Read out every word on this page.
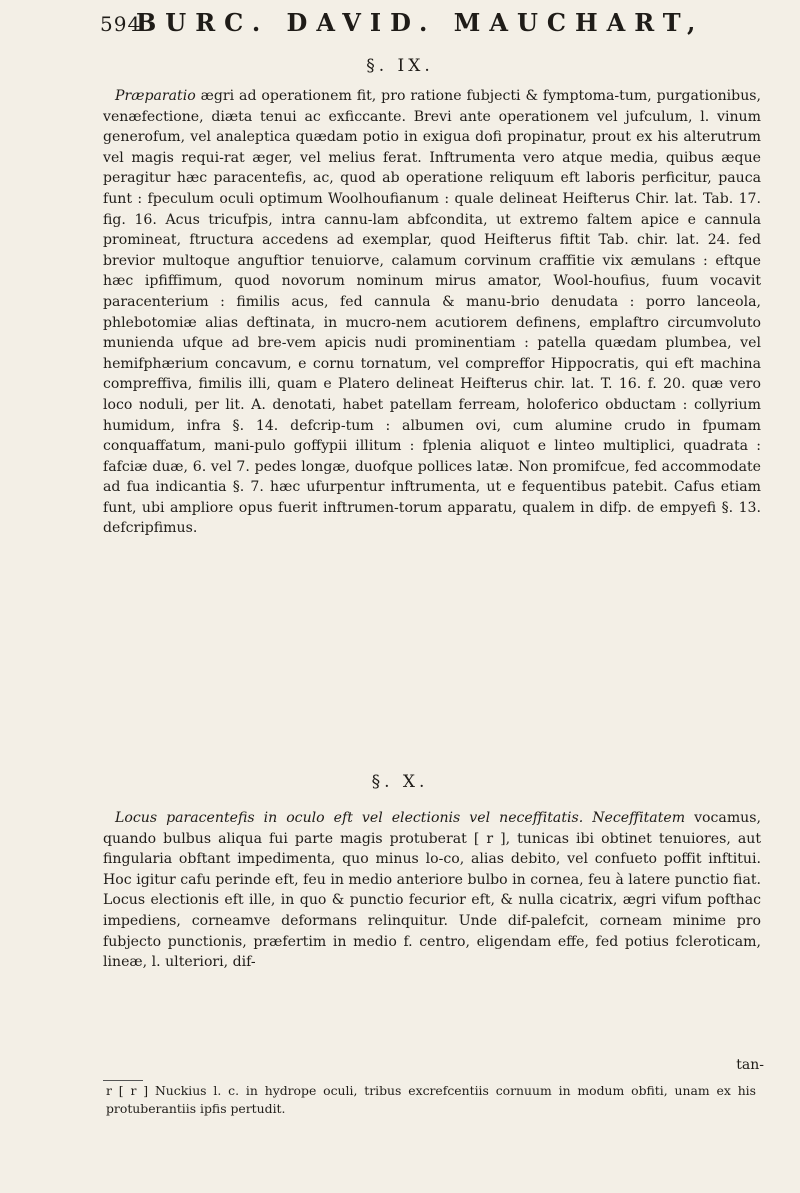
594
BURC. DAVID. MAUCHART,
§. IX.

Præparatio ægri ad operationem fit, pro ratione fubjecti & fymptoma-tum, purgationibus, venæfectione, diæta tenui ac exficcante. Brevi ante operationem vel jufculum, l. vinum generofum, vel analeptica quædam potio in exigua dofi propinatur, prout ex his alterutrum vel magis requi-rat æger, vel melius ferat. Inftrumenta vero atque media, quibus æque peragitur hæc paracentefis, ac, quod ab operatione reliquum eft laboris perficitur, pauca funt : fpeculum oculi optimum Woolhoufianum : quale delineat Heifterus Chir. lat. Tab. 17. fig. 16. Acus tricufpis, intra cannu-lam abfcondita, ut extremo faltem apice e cannula promineat, ftructura accedens ad exemplar, quod Heifterus fiftit Tab. chir. lat. 24. fed brevior multoque anguftior tenuiorve, calamum corvinum craffitie vix æmulans : eftque hæc ipfiffimum, quod novorum nominum mirus amator, Wool-houfius, fuum vocavit paracenterium : fimilis acus, fed cannula & manu-brio denudata : porro lanceola, phlebotomiæ alias deftinata, in mucro-nem acutiorem definens, emplaftro circumvoluto munienda ufque ad bre-vem apicis nudi prominentiam : patella quædam plumbea, vel hemifphærium concavum, e cornu tornatum, vel compreffor Hippocratis, qui eft machina compreffiva, fimilis illi, quam e Platero delineat Heifterus chir. lat. T. 16. f. 20. quæ vero loco noduli, per lit. A. denotati, habet patellam ferream, holoferico obductam : collyrium humidum, infra §. 14. defcrip-tum : albumen ovi, cum alumine crudo in fpumam conquaffatum, mani-pulo goffypii illitum : fplenia aliquot e linteo multiplici, quadrata : fafciæ duæ, 6. vel 7. pedes longæ, duofque pollices latæ. Non promifcue, fed accommodate ad fua indicantia §. 7. hæc ufurpentur inftrumenta, ut e fequentibus patebit. Cafus etiam funt, ubi ampliore opus fuerit inftrumen-torum apparatu, qualem in difp. de empyefi §. 13. defcripfimus.

§. X.

Locus paracentefis in oculo eft vel electionis vel neceffitatis. Neceffitatem vocamus, quando bulbus aliqua fui parte magis protuberat [ r ], tunicas ibi obtinet tenuiores, aut fingularia obftant impedimenta, quo minus lo-co, alias debito, vel confueto poffit inftitui. Hoc igitur cafu perinde eft, feu in medio anteriore bulbo in cornea, feu à latere punctio fiat. Locus electionis eft ille, in quo & punctio fecurior eft, & nulla cicatrix, ægri vifum pofthac impediens, corneamve deformans relinquitur. Unde dif-palefcit, corneam minime pro fubjecto punctionis, præfertim in medio f. centro, eligendam effe, fed potius fcleroticam, lineæ, l. ulteriori, dif-

tan-
r [ r ] Nuckius l. c. in hydrope oculi, tribus excrefcentiis cornuum in modum obfiti, unam ex his protuberantiis ipfis pertudit.
